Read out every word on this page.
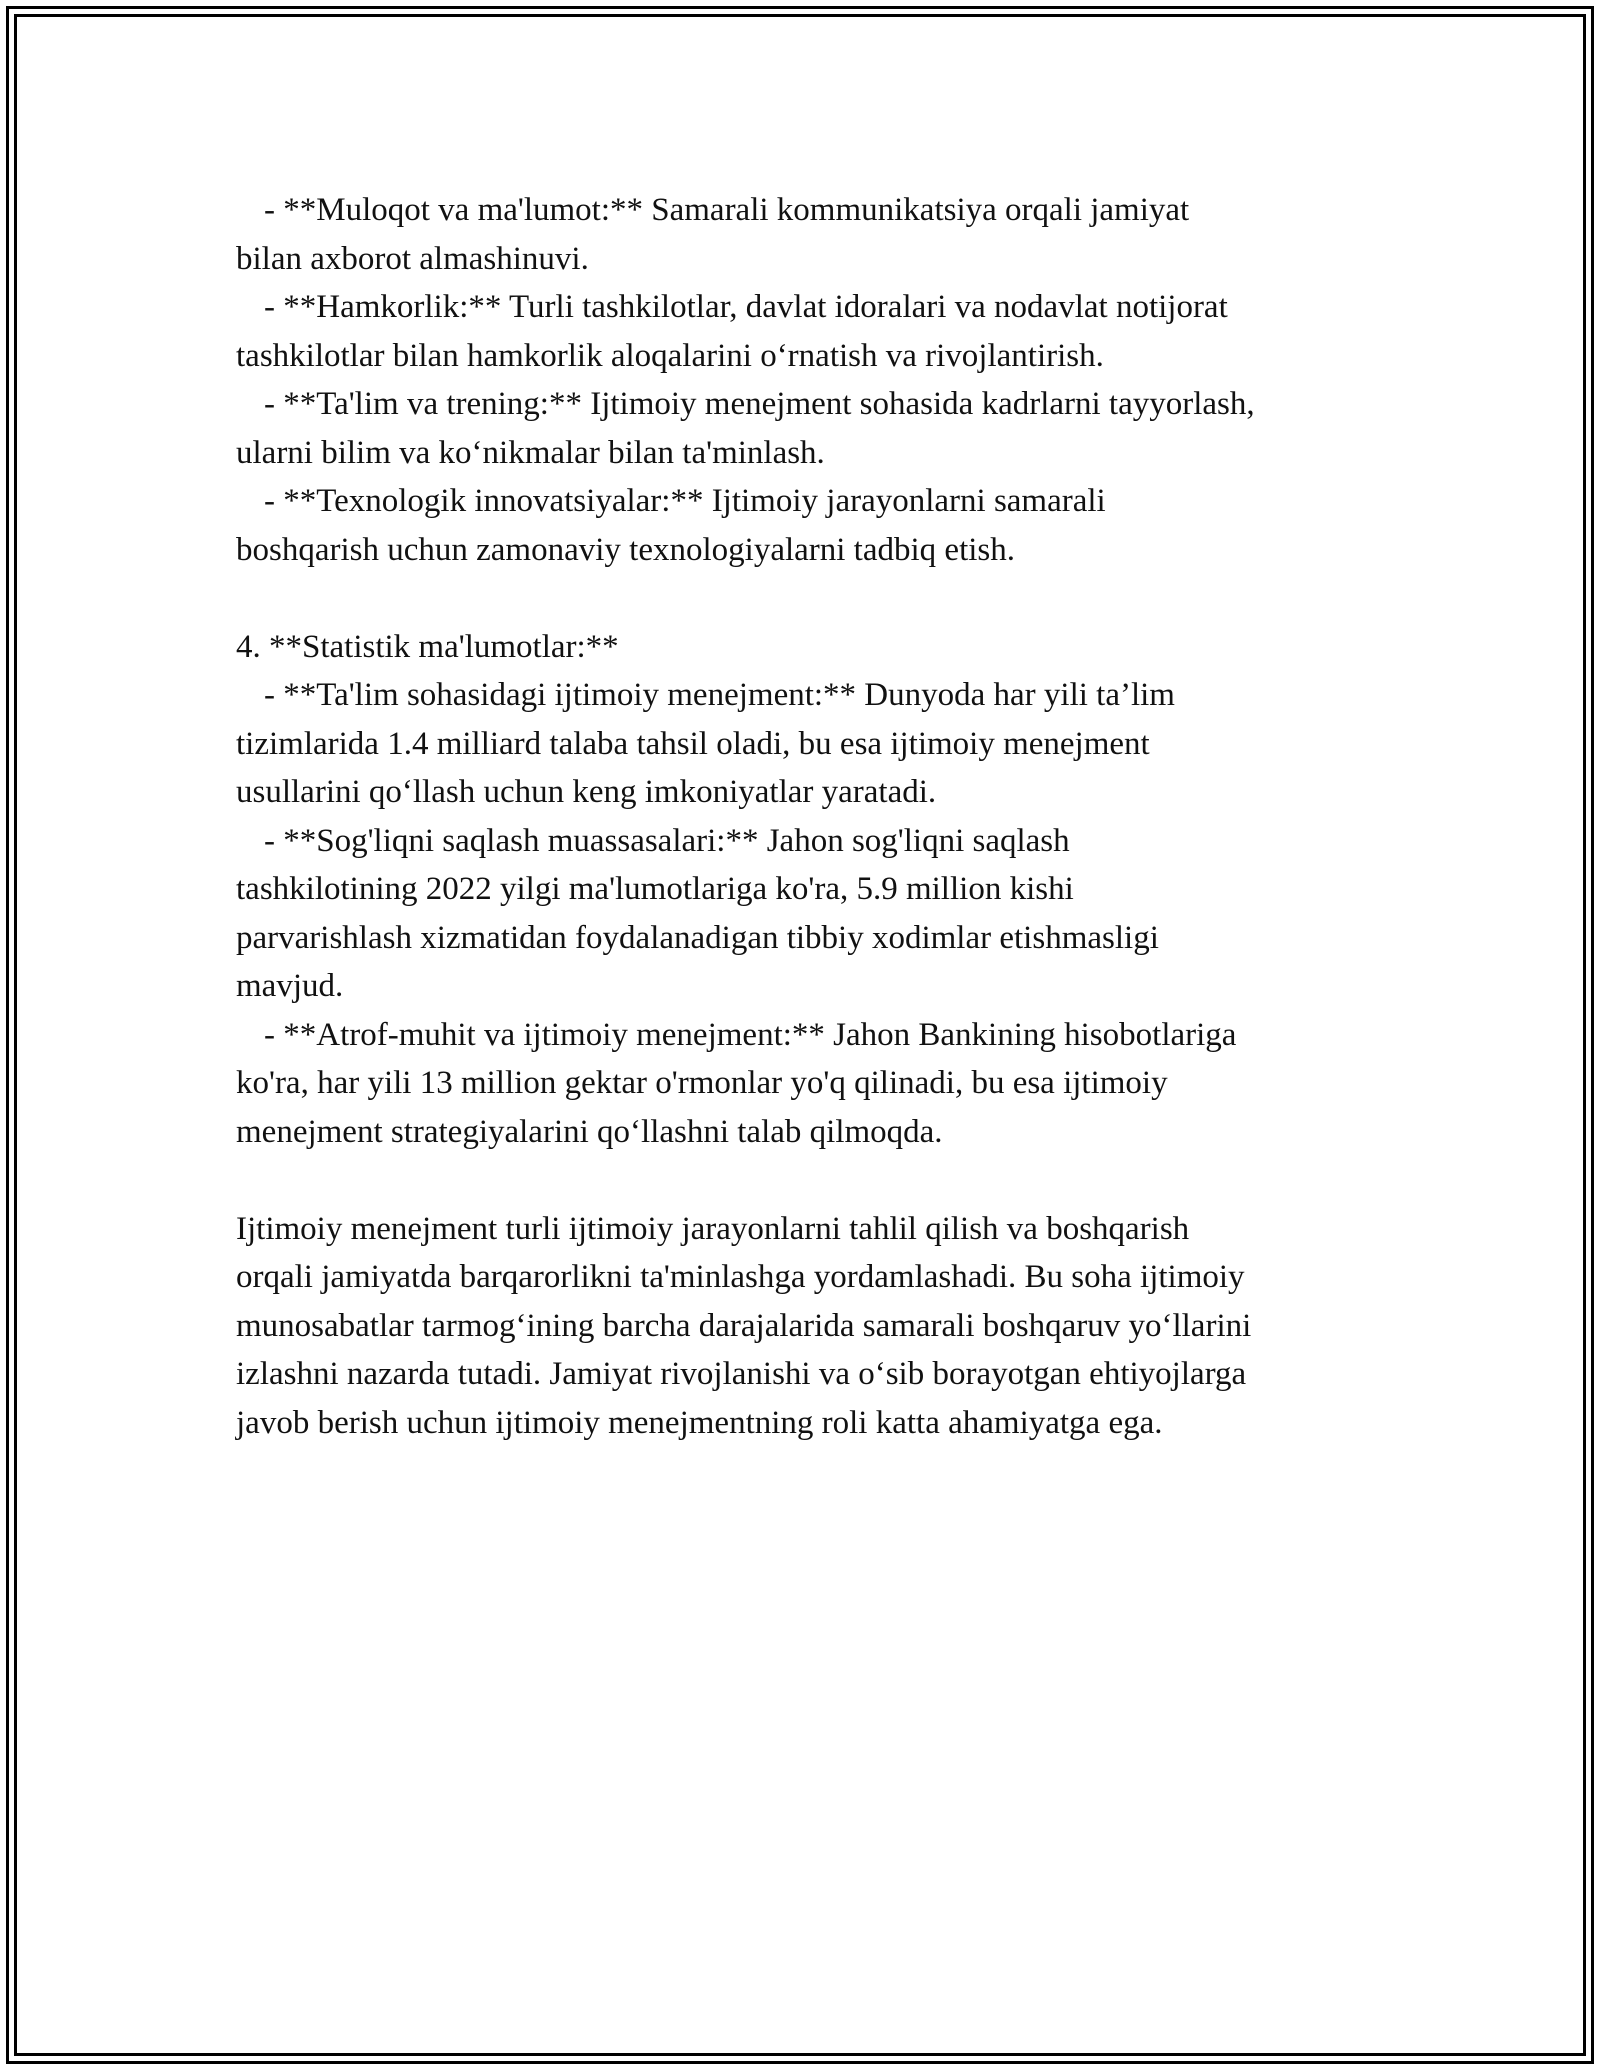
- **Muloqot va ma'lumot:** Samarali kommunikatsiya orqali jamiyat
bilan axborot almashinuvi.
- **Hamkorlik:** Turli tashkilotlar, davlat idoralari va nodavlat notijorat
tashkilotlar bilan hamkorlik aloqalarini o‘rnatish va rivojlantirish.
- **Ta'lim va trening:** Ijtimoiy menejment sohasida kadrlarni tayyorlash,
ularni bilim va ko‘nikmalar bilan ta'minlash.
- **Texnologik innovatsiyalar:** Ijtimoiy jarayonlarni samarali
boshqarish uchun zamonaviy texnologiyalarni tadbiq etish.
4. **Statistik ma'lumotlar:**
- **Ta'lim sohasidagi ijtimoiy menejment:** Dunyoda har yili ta’lim
tizimlarida 1.4 milliard talaba tahsil oladi, bu esa ijtimoiy menejment
usullarini qo‘llash uchun keng imkoniyatlar yaratadi.
- **Sog'liqni saqlash muassasalari:** Jahon sog'liqni saqlash
tashkilotining 2022 yilgi ma'lumotlariga ko'ra, 5.9 million kishi
parvarishlash xizmatidan foydalanadigan tibbiy xodimlar etishmasligi
mavjud.
- **Atrof-muhit va ijtimoiy menejment:** Jahon Bankining hisobotlariga
ko'ra, har yili 13 million gektar o'rmonlar yo'q qilinadi, bu esa ijtimoiy
menejment strategiyalarini qo‘llashni talab qilmoqda.
Ijtimoiy menejment turli ijtimoiy jarayonlarni tahlil qilish va boshqarish
orqali jamiyatda barqarorlikni ta'minlashga yordamlashadi. Bu soha ijtimoiy
munosabatlar tarmog‘ining barcha darajalarida samarali boshqaruv yo‘llarini
izlashni nazarda tutadi. Jamiyat rivojlanishi va o‘sib borayotgan ehtiyojlarga
javob berish uchun ijtimoiy menejmentning roli katta ahamiyatga ega.
